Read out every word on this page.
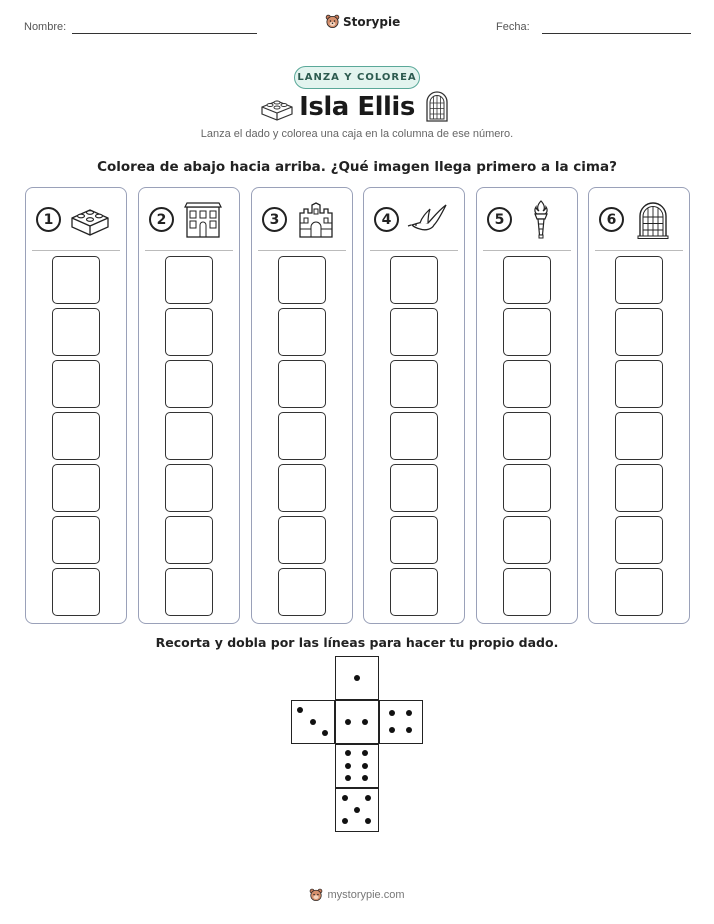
Nombre:	Storypie	Fecha:
LANZA Y COLOREA
Isla Ellis
Lanza el dado y colorea una caja en la columna de ese número.
Colorea de abajo hacia arriba. ¿Qué imagen llega primero a la cima?
1	2	3	4	5	6
Recorta y dobla por las líneas para hacer tu propio dado.
mystorypie.com
